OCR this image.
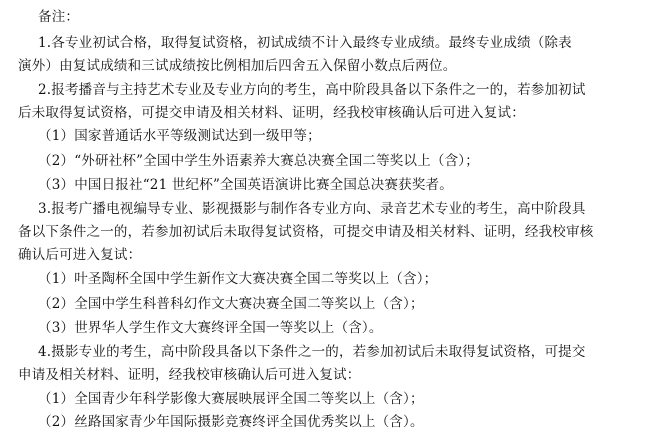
备注：
1.各专业初试合格，取得复试资格，初试成绩不计入最终专业成绩。最终专业成绩（除表
演外）由复试成绩和三试成绩按比例相加后四舍五入保留小数点后两位。
2.报考播音与主持艺术专业及专业方向的考生，高中阶段具备以下条件之一的，若参加初试
后未取得复试资格，可提交申请及相关材料、证明，经我校审核确认后可进入复试：
（1）国家普通话水平等级测试达到一级甲等；
（2）“外研社杯”全国中学生外语素养大赛总决赛全国二等奖以上（含）；
（3）中国日报社“21 世纪杯”全国英语演讲比赛全国总决赛获奖者。
3.报考广播电视编导专业、影视摄影与制作各专业方向、录音艺术专业的考生，高中阶段具
备以下条件之一的，若参加初试后未取得复试资格，可提交申请及相关材料、证明，经我校审核
确认后可进入复试：
（1）叶圣陶杯全国中学生新作文大赛决赛全国二等奖以上（含）；
（2）全国中学生科普科幻作文大赛决赛全国二等奖以上（含）；
（3）世界华人学生作文大赛终评全国一等奖以上（含）。
4.摄影专业的考生，高中阶段具备以下条件之一的，若参加初试后未取得复试资格，可提交
申请及相关材料、证明，经我校审核确认后可进入复试：
（1）全国青少年科学影像大赛展映展评全国二等奖以上（含）；
（2）丝路国家青少年国际摄影竞赛终评全国优秀奖以上（含）。
